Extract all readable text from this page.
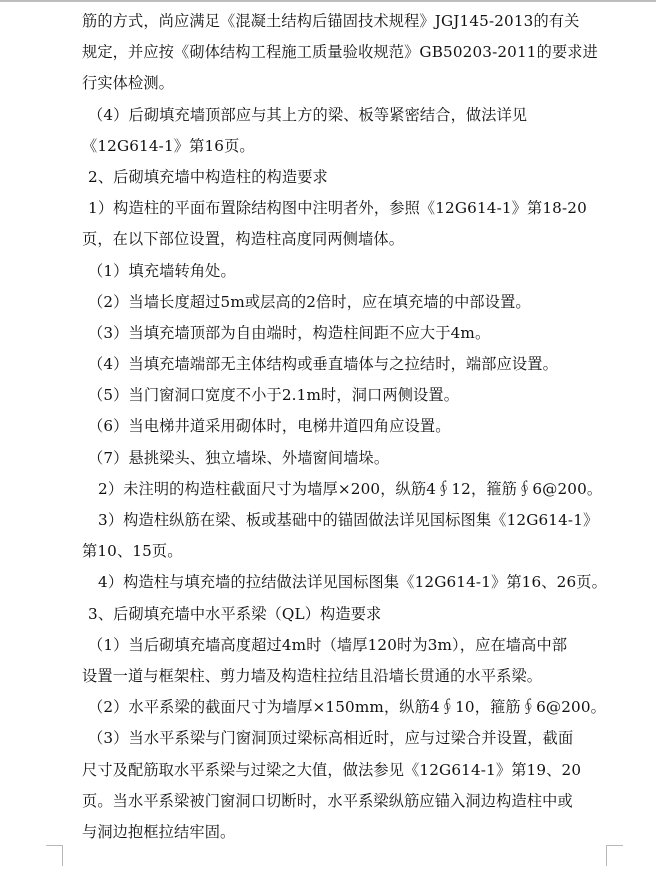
筋的方式，尚应满足《混凝土结构后锚固技术规程》JGJ145-2013的有关
规定，并应按《砌体结构工程施工质量验收规范》GB50203-2011的要求进
行实体检测。
（4）后砌填充墙顶部应与其上方的梁、板等紧密结合，做法详见
《12G614-1》第16页。
2、后砌填充墙中构造柱的构造要求
1）构造柱的平面布置除结构图中注明者外，参照《12G614-1》第18-20
页，在以下部位设置，构造柱高度同两侧墙体。
（1）填充墙转角处。
（2）当墙长度超过5m或层高的2倍时，应在填充墙的中部设置。
（3）当填充墙顶部为自由端时，构造柱间距不应大于4m。
（4）当填充墙端部无主体结构或垂直墙体与之拉结时，端部应设置。
（5）当门窗洞口宽度不小于2.1m时，洞口两侧设置。
（6）当电梯井道采用砌体时，电梯井道四角应设置。
（7）悬挑梁头、独立墙垛、外墙窗间墙垛。
2）未注明的构造柱截面尺寸为墙厚×200，纵筋4∮12，箍筋∮6@200。
3）构造柱纵筋在梁、板或基础中的锚固做法详见国标图集《12G614-1》
第10、15页。
4）构造柱与填充墙的拉结做法详见国标图集《12G614-1》第16、26页。
3、后砌填充墙中水平系梁（QL）构造要求
（1）当后砌填充墙高度超过4m时（墙厚120时为3m），应在墙高中部
设置一道与框架柱、剪力墙及构造柱拉结且沿墙长贯通的水平系梁。
（2）水平系梁的截面尺寸为墙厚×150mm，纵筋4∮10，箍筋∮6@200。
（3）当水平系梁与门窗洞顶过梁标高相近时，应与过梁合并设置，截面
尺寸及配筋取水平系梁与过梁之大值，做法参见《12G614-1》第19、20
页。当水平系梁被门窗洞口切断时，水平系梁纵筋应锚入洞边构造柱中或
与洞边抱框拉结牢固。
